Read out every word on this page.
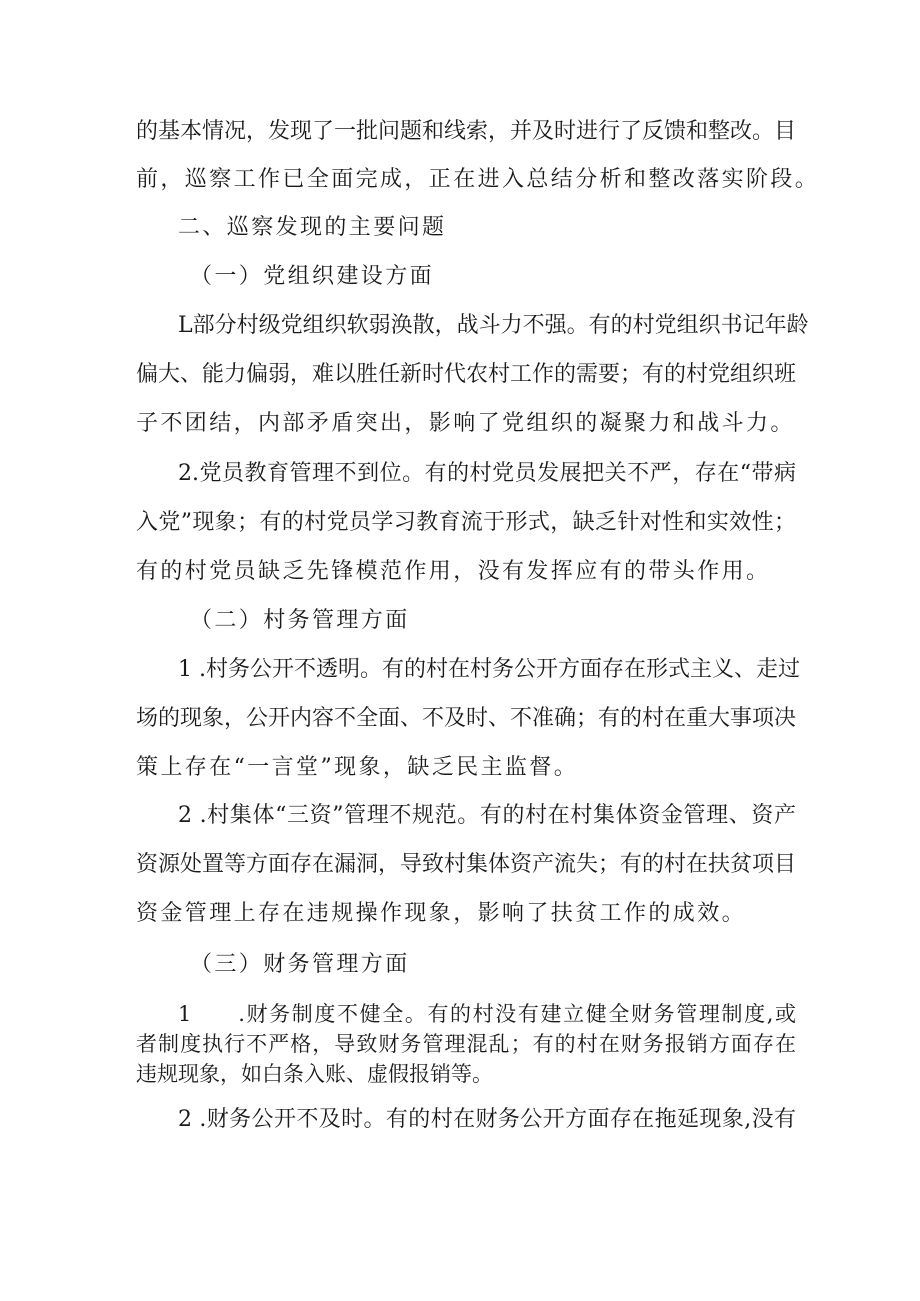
的基本情况，发现了一批问题和线索，并及时进行了反馈和整改。目
前，巡察工作已全面完成，正在进入总结分析和整改落实阶段。
二、巡察发现的主要问题
（一）党组织建设方面
L部分村级党组织软弱涣散，战斗力不强。有的村党组织书记年龄
偏大、能力偏弱，难以胜任新时代农村工作的需要；有的村党组织班
子不团结，内部矛盾突出，影响了党组织的凝聚力和战斗力。
2.党员教育管理不到位。有的村党员发展把关不严，存在“带病
入党”现象；有的村党员学习教育流于形式，缺乏针对性和实效性；
有的村党员缺乏先锋模范作用，没有发挥应有的带头作用。
（二）村务管理方面
1 .村务公开不透明。有的村在村务公开方面存在形式主义、走过
场的现象，公开内容不全面、不及时、不准确；有的村在重大事项决
策上存在“一言堂”现象，缺乏民主监督。
2 .村集体“三资”管理不规范。有的村在村集体资金管理、资产
资源处置等方面存在漏洞，导致村集体资产流失；有的村在扶贫项目
资金管理上存在违规操作现象，影响了扶贫工作的成效。
（三）财务管理方面
1　　.财务制度不健全。有的村没有建立健全财务管理制度,或
者制度执行不严格，导致财务管理混乱；有的村在财务报销方面存在
违规现象，如白条入账、虚假报销等。
2 .财务公开不及时。有的村在财务公开方面存在拖延现象,没有
